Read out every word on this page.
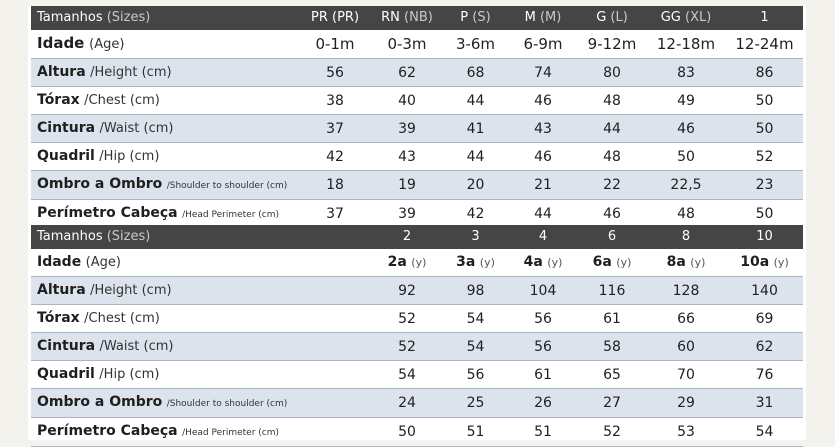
Tamanhos (Sizes)	PR (PR)	RN (NB)	P (S)	M (M)	G (L)	GG (XL)	1
Idade (Age)	0-1m	0-3m	3-6m	6-9m	9-12m	12-18m	12-24m
Altura /Height (cm)	56	62	68	74	80	83	86
Tórax /Chest (cm)	38	40	44	46	48	49	50
Cintura /Waist (cm)	37	39	41	43	44	46	50
Quadril /Hip (cm)	42	43	44	46	48	50	52
Ombro a Ombro /Shoulder to shoulder (cm)	18	19	20	21	22	22,5	23
Perímetro Cabeça /Head Perimeter (cm)	37	39	42	44	46	48	50
Tamanhos (Sizes)		2	3	4	6	8	10
Idade (Age)		2a (y)	3a (y)	4a (y)	6a (y)	8a (y)	10a (y)
Altura /Height (cm)		92	98	104	116	128	140
Tórax /Chest (cm)		52	54	56	61	66	69
Cintura /Waist (cm)		52	54	56	58	60	62
Quadril /Hip (cm)		54	56	61	65	70	76
Ombro a Ombro /Shoulder to shoulder (cm)		24	25	26	27	29	31
Perímetro Cabeça /Head Perimeter (cm)		50	51	51	52	53	54
